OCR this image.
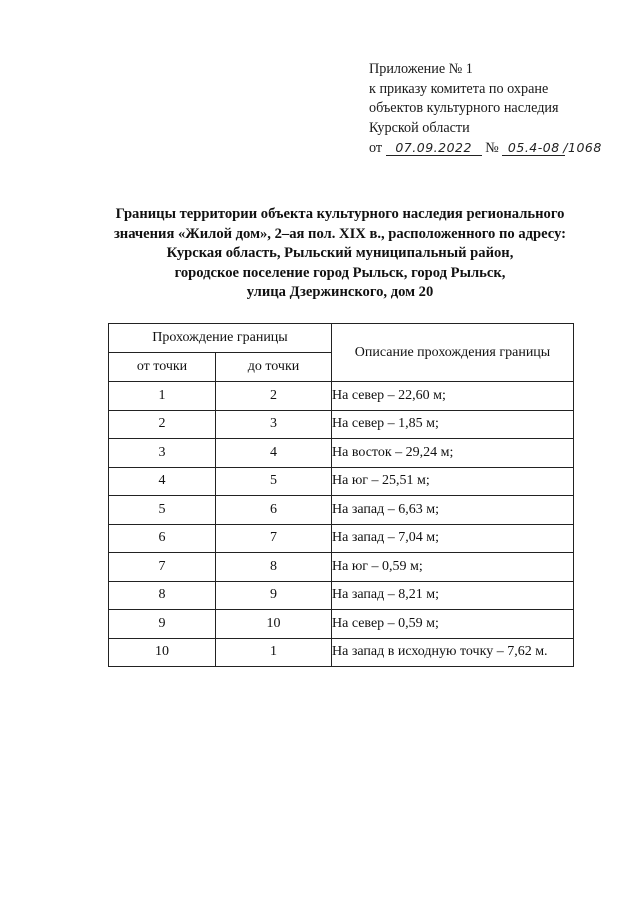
Приложение № 1
к приказу комитета по охране
объектов культурного наследия
Курской области
от 07.09.2022 № 05.4-08 /1068
Границы территории объекта культурного наследия регионального
значения «Жилой дом», 2–ая пол. XIX в., расположенного по адресу:
Курская область, Рыльский муниципальный район,
городское поселение город Рыльск, город Рыльск,
улица Дзержинского, дом 20
Прохождение границы		Описание прохождения границы
от точки	до точки	
1	2	На север – 22,60 м;
2	3	На север – 1,85 м;
3	4	На восток – 29,24 м;
4	5	На юг – 25,51 м;
5	6	На запад – 6,63 м;
6	7	На запад – 7,04 м;
7	8	На юг – 0,59 м;
8	9	На запад – 8,21 м;
9	10	На север – 0,59 м;
10	1	На запад в исходную точку – 7,62 м.
